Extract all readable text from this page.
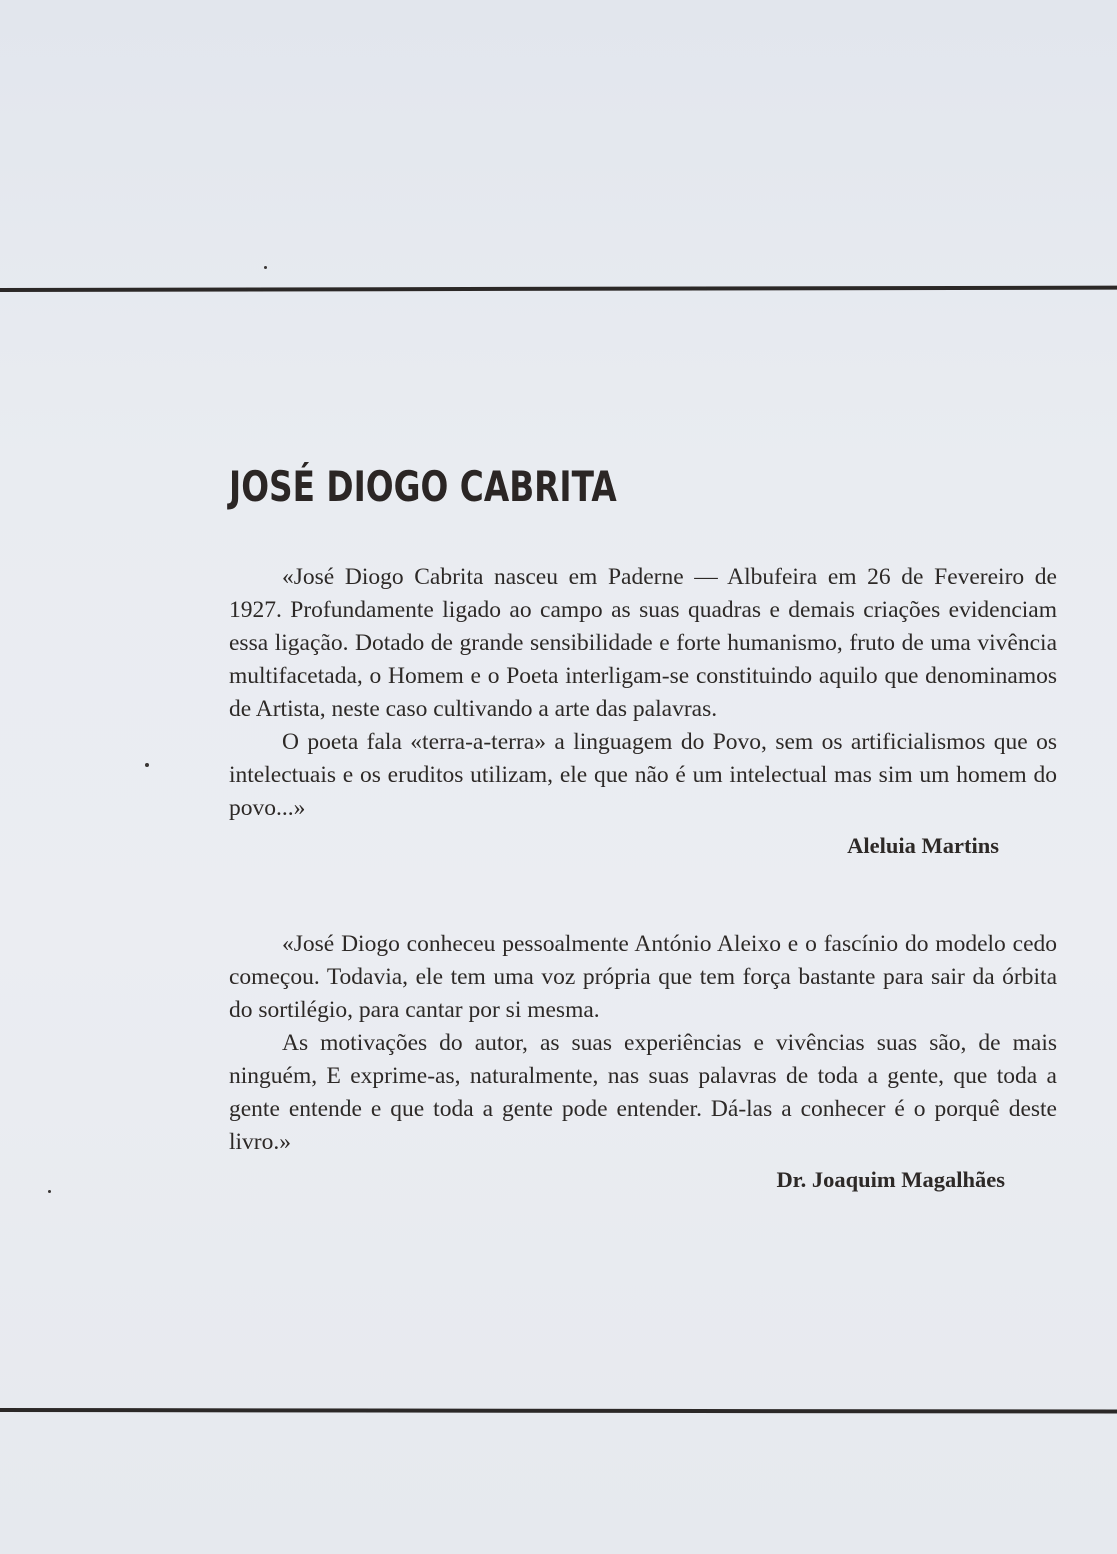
JOSÉ DIOGO CABRITA

«José Diogo Cabrita nasceu em Paderne — Albufeira em 26 de Fevereiro de 1927. Profundamente ligado ao campo as suas quadras e demais criações evidenciam essa ligação. Dotado de grande sensibilidade e forte humanismo, fruto de uma vivência multifacetada, o Homem e o Poeta interligam-se constituindo aquilo que denominamos de Artista, neste caso cultivando a arte das palavras.

O poeta fala «terra-a-terra» a linguagem do Povo, sem os artificialismos que os intelectuais e os eruditos utilizam, ele que não é um intelectual mas sim um homem do povo...»

Aleluia Martins

«José Diogo conheceu pessoalmente António Aleixo e o fascínio do modelo cedo começou. Todavia, ele tem uma voz própria que tem força bastante para sair da órbita do sortilégio, para cantar por si mesma.

As motivações do autor, as suas experiências e vivências suas são, de mais ninguém, E exprime-as, naturalmente, nas suas palavras de toda a gente, que toda a gente entende e que toda a gente pode entender. Dá-las a conhecer é o porquê deste livro.»

Dr. Joaquim Magalhães
